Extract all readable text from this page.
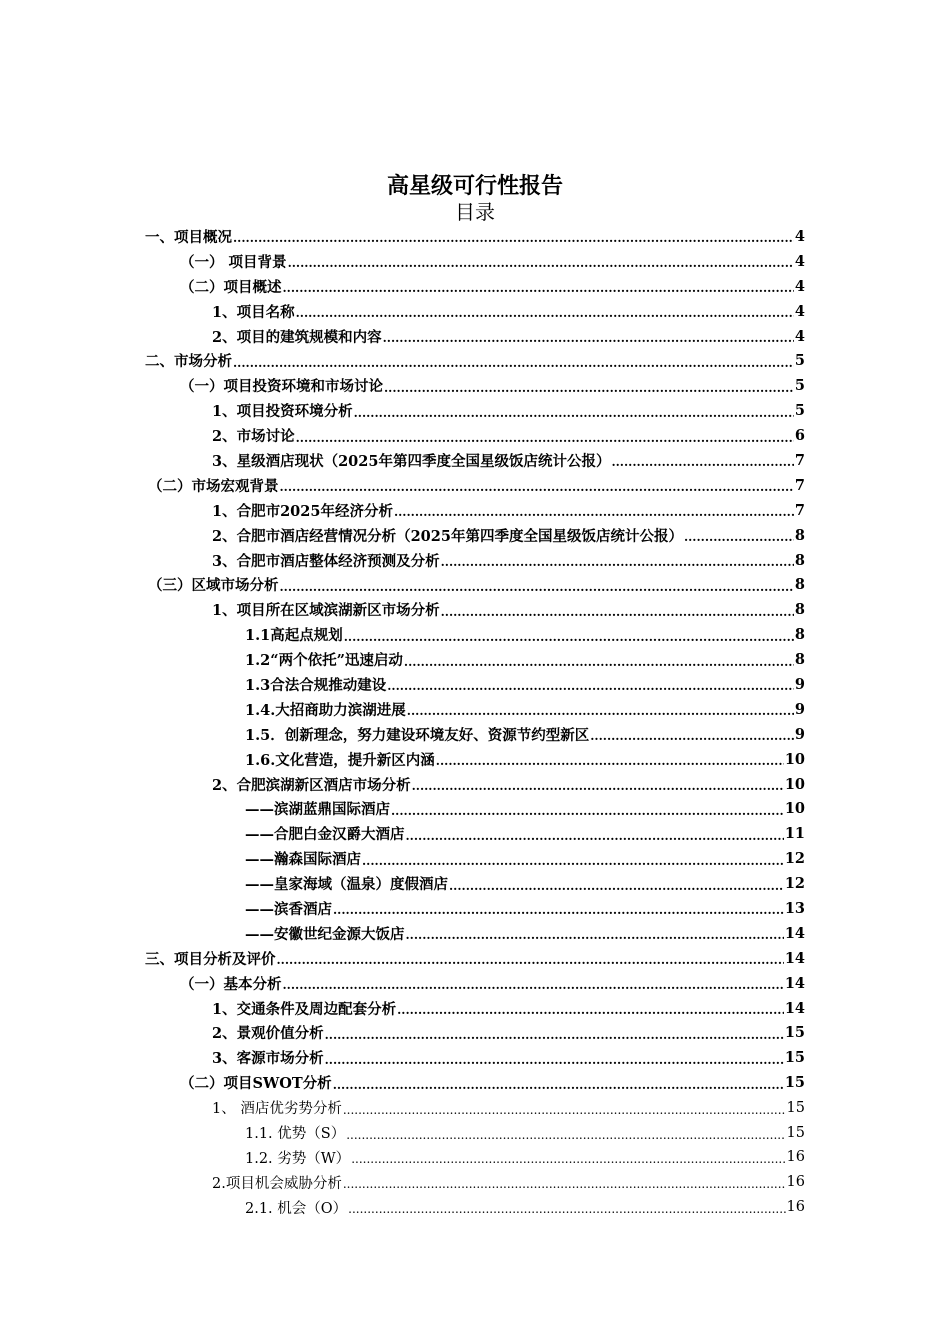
高星级可行性报告
目录
一、项目概况 .....	4
（一） 项目背景 .....	4
（二）项目概述 .....	4
1、项目名称 .....	4
2、项目的建筑规模和内容 .....	4
二、市场分析 .....	5
（一）项目投资环境和市场讨论 .....	5
1、项目投资环境分析 .....	5
2、市场讨论 .....	6
3、星级酒店现状（2025年第四季度全国星级饭店统计公报） .....	7
（二）市场宏观背景 .....	7
1、合肥市2025年经济分析 .....	7
2、合肥市酒店经营情况分析（2025年第四季度全国星级饭店统计公报） .....	8
3、合肥市酒店整体经济预测及分析 .....	8
（三）区域市场分析 .....	8
1、项目所在区域滨湖新区市场分析 .....	8
1.1高起点规划 .....	8
1.2“两个依托”迅速启动 .....	8
1.3合法合规推动建设 .....	9
1.4.大招商助力滨湖进展 .....	9
1.5．创新理念，努力建设环境友好、资源节约型新区 .....	9
1.6.文化营造，提升新区内涵 .....	10
2、合肥滨湖新区酒店市场分析 .....	10
——滨湖蓝鼎国际酒店 .....	10
——合肥白金汉爵大酒店 .....	11
——瀚森国际酒店 .....	12
——皇家海域（温泉）度假酒店 .....	12
——滨香酒店 .....	13
——安徽世纪金源大饭店 .....	14
三、项目分析及评价 .....	14
（一）基本分析 .....	14
1、交通条件及周边配套分析 .....	14
2、景观价值分析 .....	15
3、客源市场分析 .....	15
（二）项目SWOT分析 .....	15
1、 酒店优劣势分析 .....	15
1.1. 优势（S） .....	15
1.2. 劣势（W） .....	16
2.项目机会威胁分析 .....	16
2.1. 机会（O） .....	16
